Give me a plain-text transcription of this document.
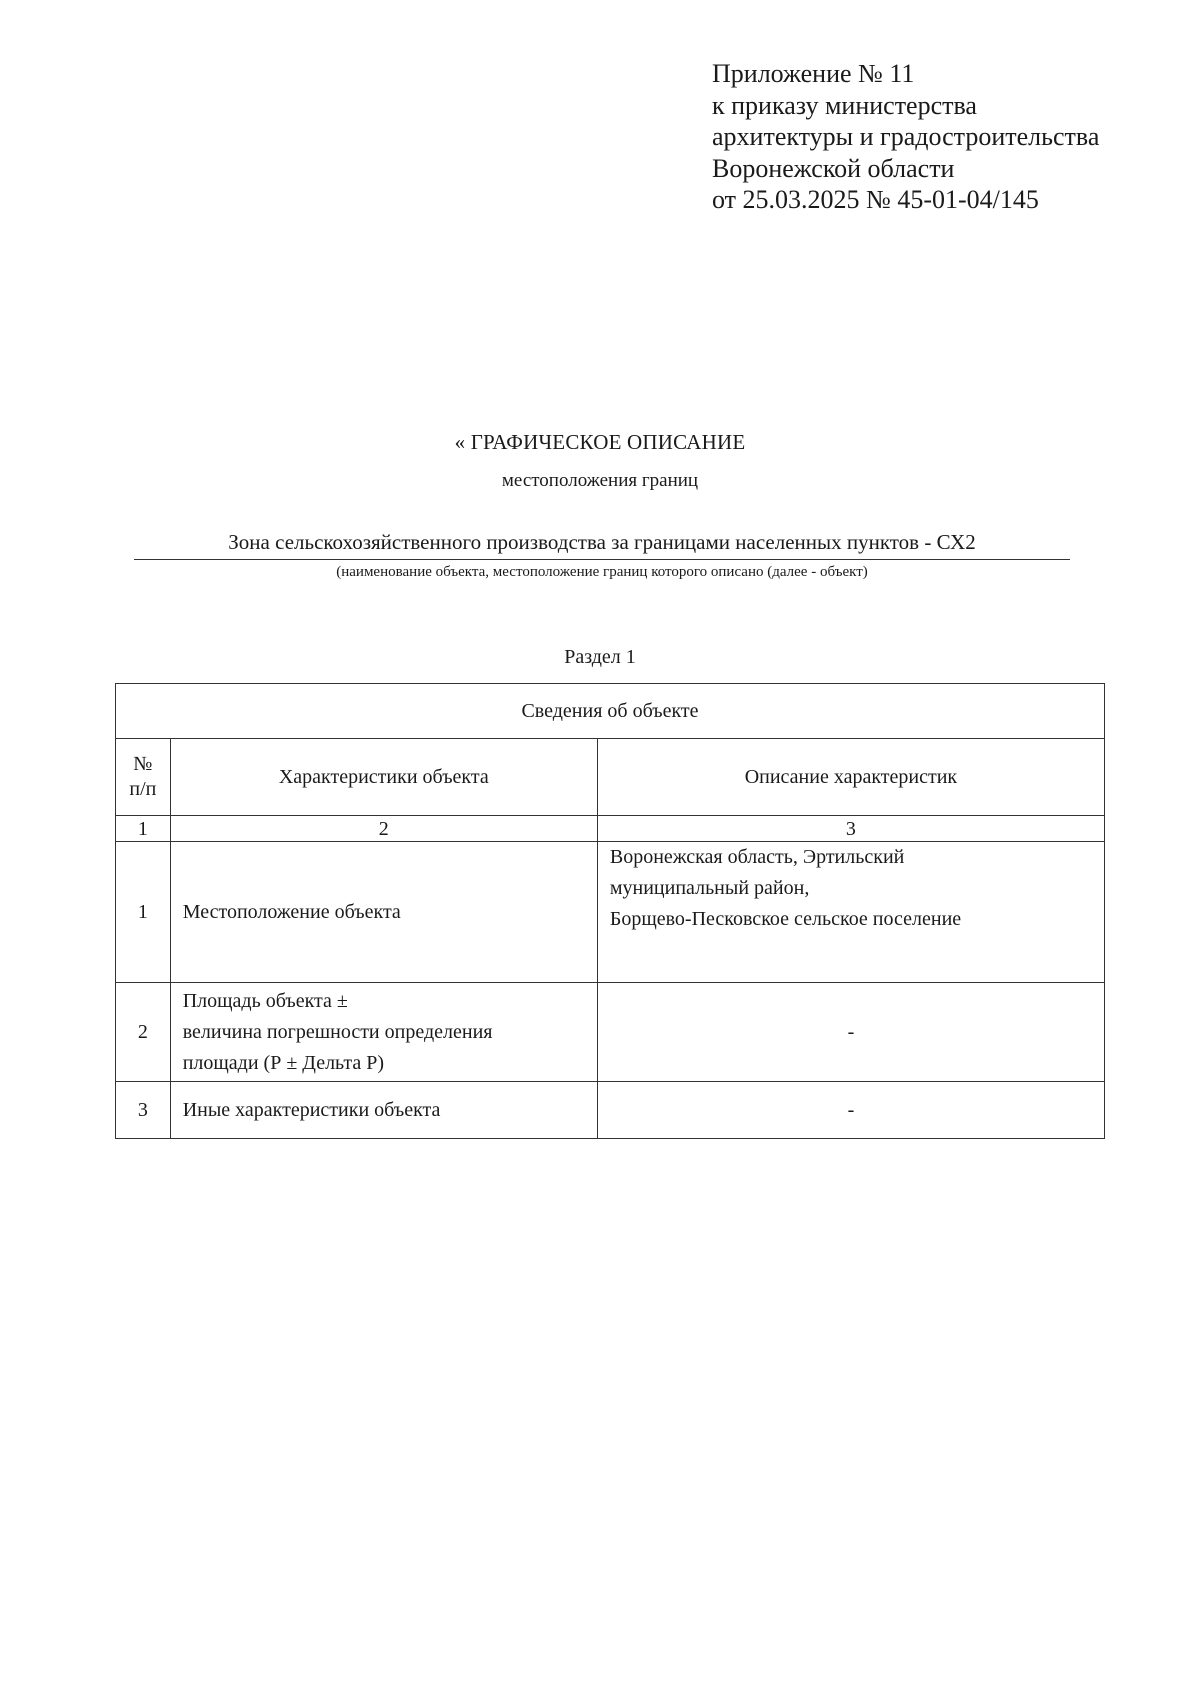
Приложение № 11
к приказу министерства
архитектуры и градостроительства
Воронежской области
от 25.03.2025 № 45-01-04/145
« ГРАФИЧЕСКОЕ ОПИСАНИЕ
местоположения границ
Зона сельскохозяйственного производства за границами населенных пунктов - СХ2
(наименование объекта, местоположение границ которого описано (далее - объект)
Раздел 1
Сведения об объекте		

№
п/п	Характеристики объекта	Описание характеристик
1	2	3
1	Местоположение объекта	Воронежская область, Эртильский
муниципальный район,
Борщево-Песковское сельское поселение

2	Площадь объекта ±
величина погрешности определения
площади (Р ± Дельта Р)	-
3	Иные характеристики объекта	-
